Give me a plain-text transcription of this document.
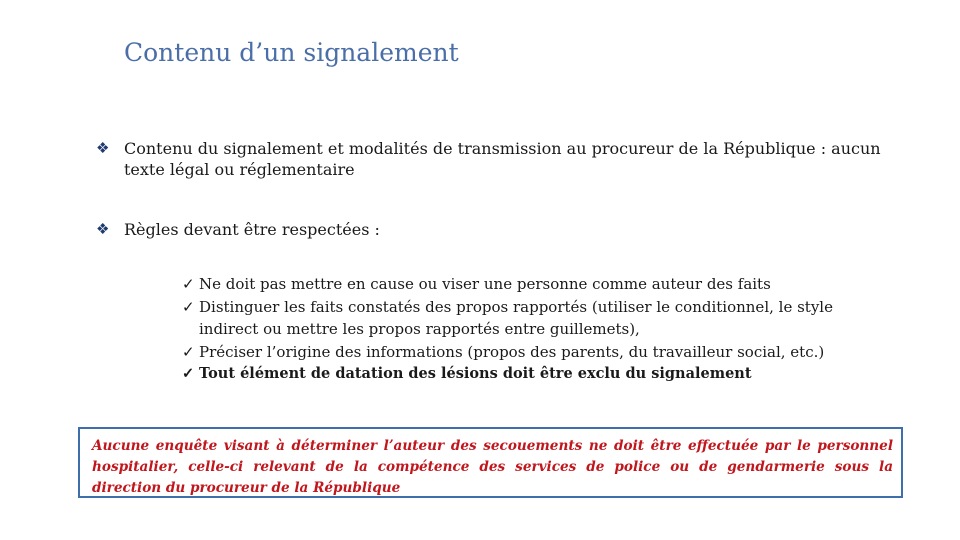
Contenu d’un signalement
❖ Contenu du signalement et modalités de transmission au procureur de la République : aucun texte légal ou réglementaire
❖ Règles devant être respectées :
✓ Ne doit pas mettre en cause ou viser une personne comme auteur des faits
✓ Distinguer les faits constatés des propos rapportés (utiliser le conditionnel, le style indirect ou mettre les propos rapportés entre guillemets),
✓ Préciser l’origine des informations (propos des parents, du travailleur social, etc.)
✓ Tout élément de datation des lésions doit être exclu du signalement

Aucune enquête visant à déterminer l’auteur des secouements ne doit être effectuée par le personnel hospitalier, celle-ci relevant de la compétence des services de police ou de gendarmerie sous la direction du procureur de la République
